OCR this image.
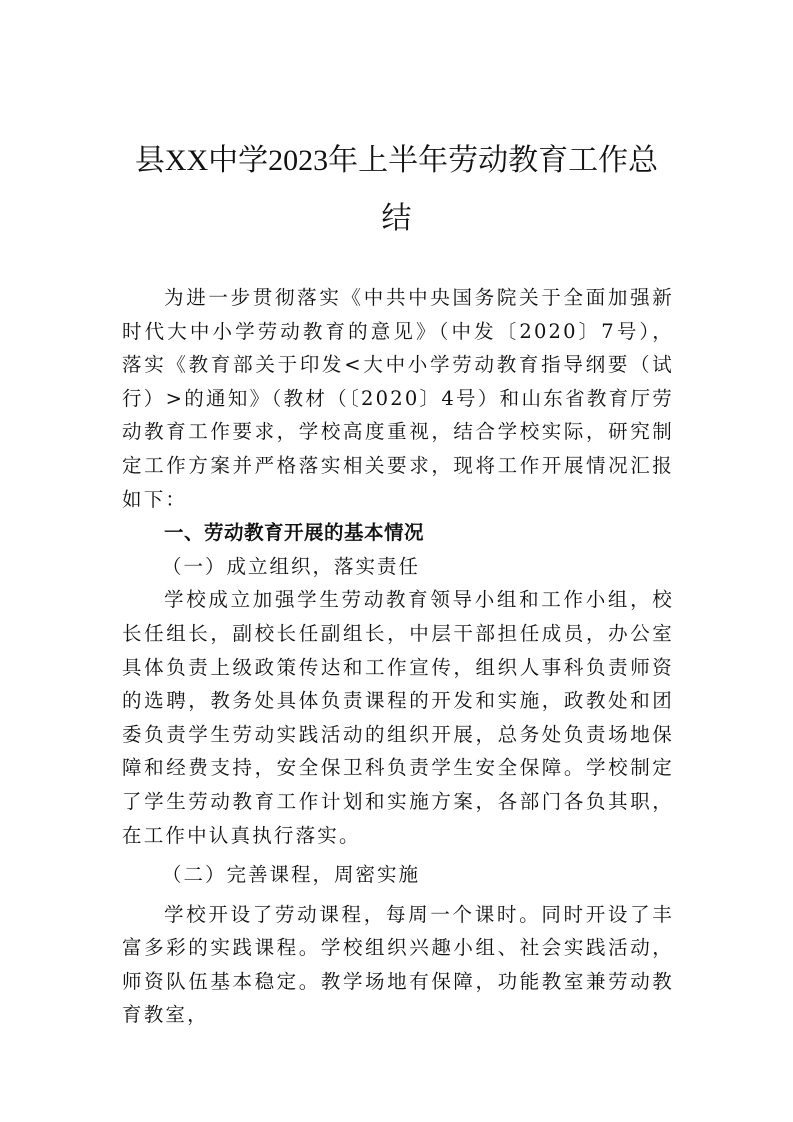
县XX中学2023年上半年劳动教育工作总
结

为进一步贯彻落实《中共中央国务院关于全面加强新时代大中小学劳动教育的意见》（中发〔2020〕7号），落实《教育部关于印发<大中小学劳动教育指导纲要（试行）>的通知》（教材（〔2020〕4号）和山东省教育厅劳动教育工作要求，学校高度重视，结合学校实际，研究制定工作方案并严格落实相关要求，现将工作开展情况汇报如下：

一、劳动教育开展的基本情况

（一）成立组织，落实责任

学校成立加强学生劳动教育领导小组和工作小组，校长任组长，副校长任副组长，中层干部担任成员，办公室具体负责上级政策传达和工作宣传，组织人事科负责师资的选聘，教务处具体负责课程的开发和实施，政教处和团委负责学生劳动实践活动的组织开展，总务处负责场地保障和经费支持，安全保卫科负责学生安全保障。学校制定了学生劳动教育工作计划和实施方案，各部门各负其职，在工作中认真执行落实。

（二）完善课程，周密实施

学校开设了劳动课程，每周一个课时。同时开设了丰富多彩的实践课程。学校组织兴趣小组、社会实践活动，师资队伍基本稳定。教学场地有保障，功能教室兼劳动教育教室，
